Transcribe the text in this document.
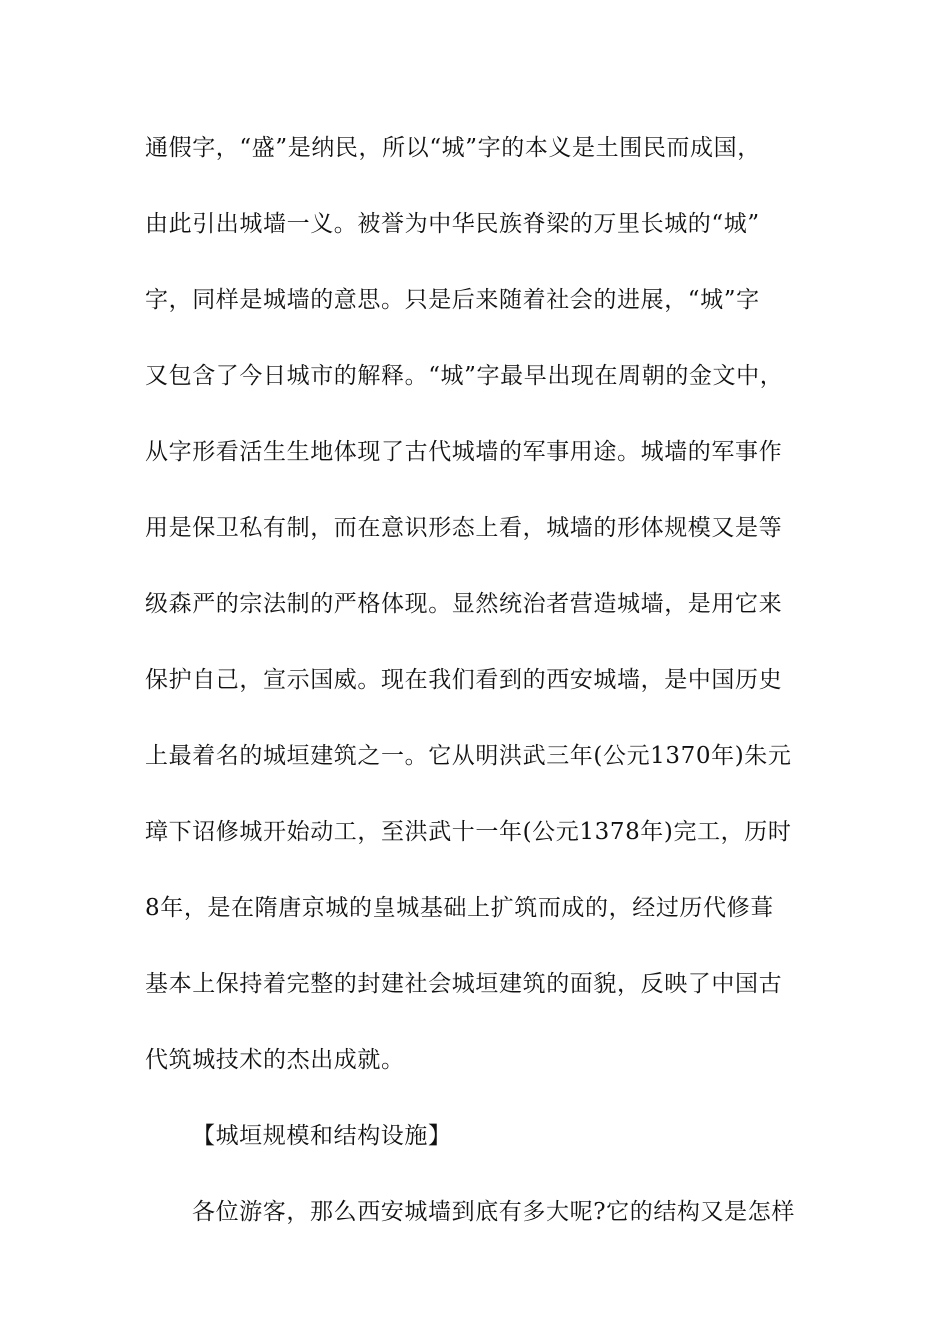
通假字，“盛”是纳民，所以“城”字的本义是土围民而成国，
由此引出城墙一义。被誉为中华民族脊梁的万里长城的“城”
字，同样是城墙的意思。只是后来随着社会的进展，“城”字
又包含了今日城市的解释。“城”字最早出现在周朝的金文中，
从字形看活生生地体现了古代城墙的军事用途。城墙的军事作
用是保卫私有制，而在意识形态上看，城墙的形体规模又是等
级森严的宗法制的严格体现。显然统治者营造城墙，是用它来
保护自己，宣示国威。现在我们看到的西安城墙，是中国历史
上最着名的城垣建筑之一。它从明洪武三年(公元1370年)朱元
璋下诏修城开始动工，至洪武十一年(公元1378年)完工，历时
8年，是在隋唐京城的皇城基础上扩筑而成的，经过历代修葺
基本上保持着完整的封建社会城垣建筑的面貌，反映了中国古
代筑城技术的杰出成就。
【城垣规模和结构设施】
各位游客，那么西安城墙到底有多大呢?它的结构又是怎样
